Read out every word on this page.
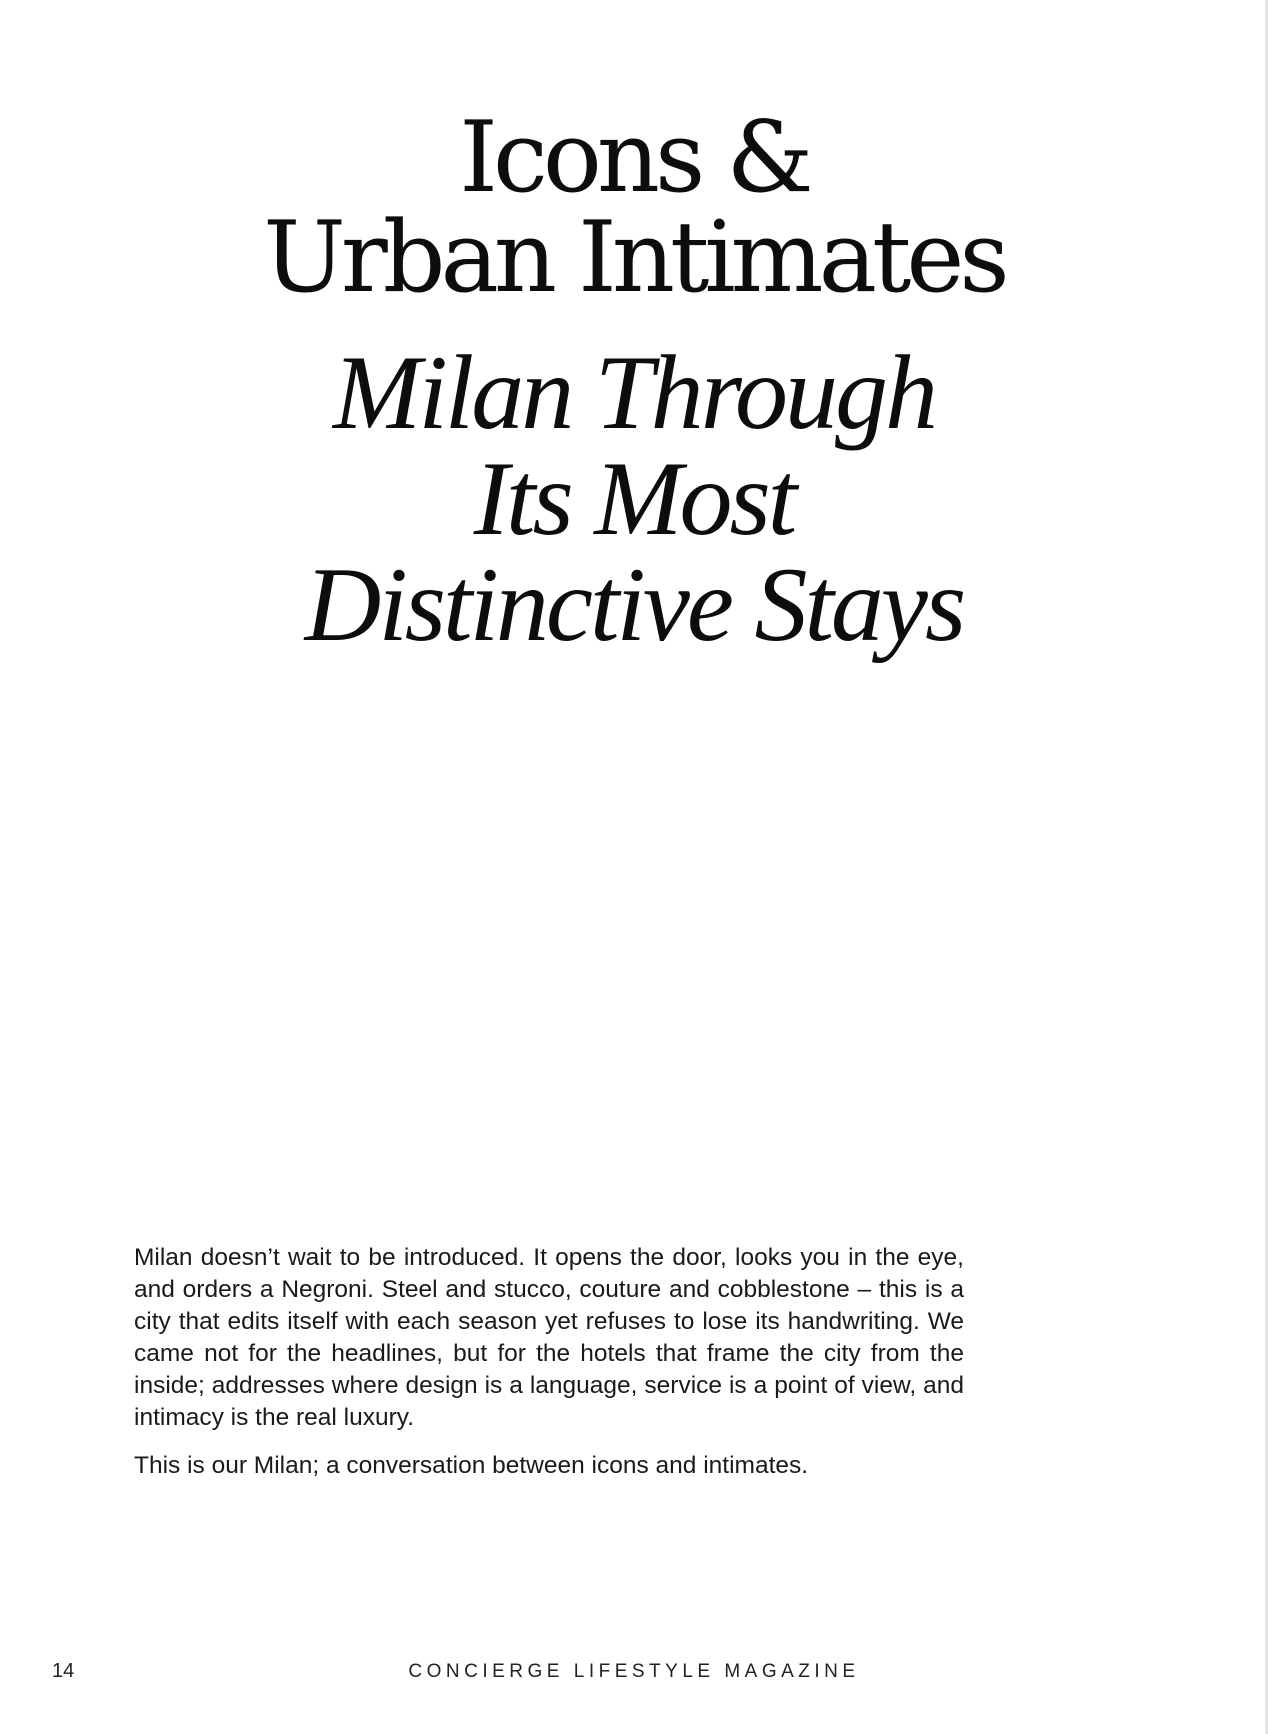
Icons &
Urban Intimates
Milan Through
Its Most
Distinctive Stays

Milan doesn’t wait to be introduced. It opens the door, looks you in the eye, and orders a Negroni. Steel and stucco, couture and cobblestone – this is a city that edits itself with each season yet refuses to lose its handwriting. We came not for the headlines, but for the hotels that frame the city from the inside; addresses where design is a language, service is a point of view, and intimacy is the real luxury.

This is our Milan; a conversation between icons and intimates.

14	CONCIERGE LIFESTYLE MAGAZINE
